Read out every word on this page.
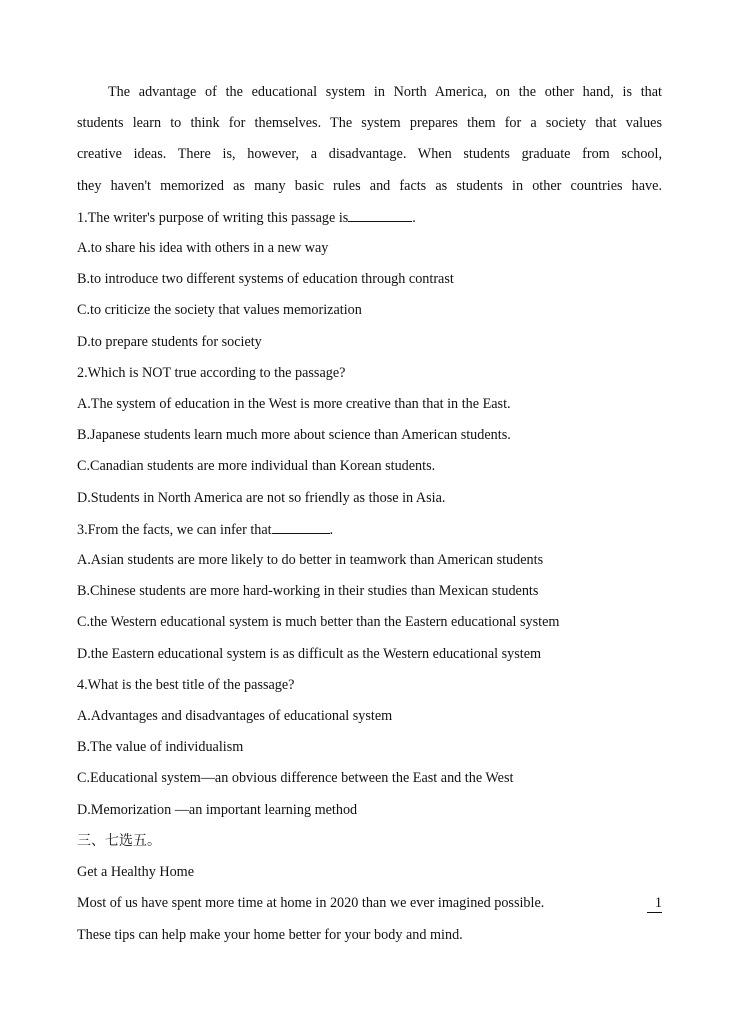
The advantage of the educational system in North America, on the other hand, is that
students learn to think for themselves. The system prepares them for a society that values
creative ideas. There is, however, a disadvantage. When students graduate from school,
they haven't memorized as many basic rules and facts as students in other countries have.
1.The writer's purpose of writing this passage is	.
A.to share his idea with others in a new way
B.to introduce two different systems of education through contrast
C.to criticize the society that values memorization
D.to prepare students for society
2.Which is NOT true according to the passage?
A.The system of education in the West is more creative than that in the East.
B.Japanese students learn much more about science than American students.
C.Canadian students are more individual than Korean students.
D.Students in North America are not so friendly as those in Asia.
3.From the facts, we can infer that	.
A.Asian students are more likely to do better in teamwork than American students
B.Chinese students are more hard-working in their studies than Mexican students
C.the Western educational system is much better than the Eastern educational system
D.the Eastern educational system is as difficult as the Western educational system
4.What is the best title of the passage?
A.Advantages and disadvantages of educational system
B.The value of individualism
C.Educational system—an obvious difference between the East and the West
D.Memorization —an important learning method
三、七选五。
Get a Healthy Home
Most of us have spent more time at home in 2020 than we ever imagined possible.	1
These tips can help make your home better for your body and mind.
